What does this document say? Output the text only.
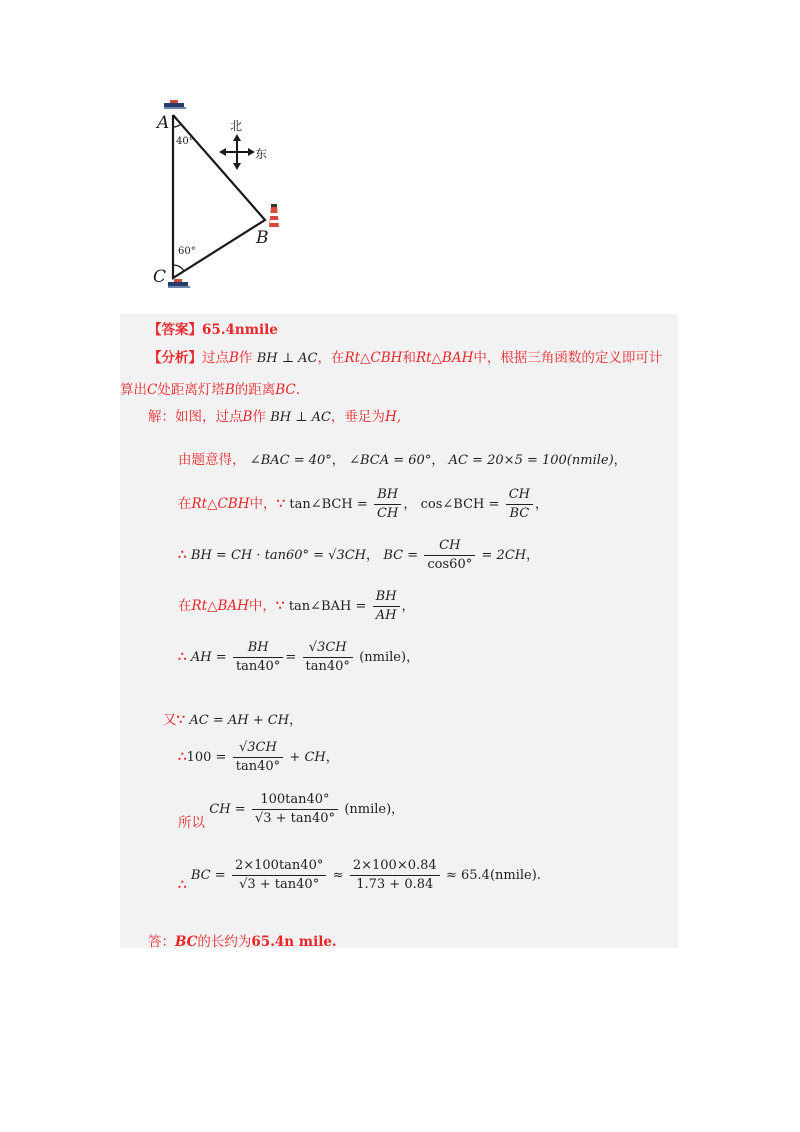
A
40°
B
C
60°
北
东
【答案】65.4nmile
【分析】过点B作 BH ⊥ AC，在Rt△CBH和Rt△BAH中，根据三角函数的定义即可计
算出C处距离灯塔B的距离BC.
解：如图，过点B作 BH ⊥ AC，垂足为H,
由题意得， ∠BAC = 40°， ∠BCA = 60°， AC = 20×5 = 100(nmile)，
在Rt△CBH中，∵ tan∠BCH = $\frac{BH}{CH}$ ， cos∠BCH = $\frac{CH}{BC}$ ，
∴ BH = CH · tan60° = √3CH， BC = $\frac{CH}{\cos 60^\circ} = 2CH$，
在Rt△BAH中，∵ tan∠BAH = $\frac{BH}{AH}$ ，
∴ AH = $\frac{BH}{\tan 40^\circ} = \frac{√3CH}{\tan 40^\circ}$ (nmile)，
又∵ AC = AH + CH，
∴100 = $\frac{√3CH}{\tan 40^\circ}$ + CH，
所以 CH = $\frac{100\tan 40^\circ}{√3 + \tan 40^\circ}$ (nmile)，
∴ BC = $\frac{2\times 100\tan 40^\circ}{√3 + \tan 40^\circ} \approx \frac{2\times 100\times 0.84}{1.73 + 0.84}$ ≈ 65.4(nmile).
答：BC的长约为65.4n mile.
